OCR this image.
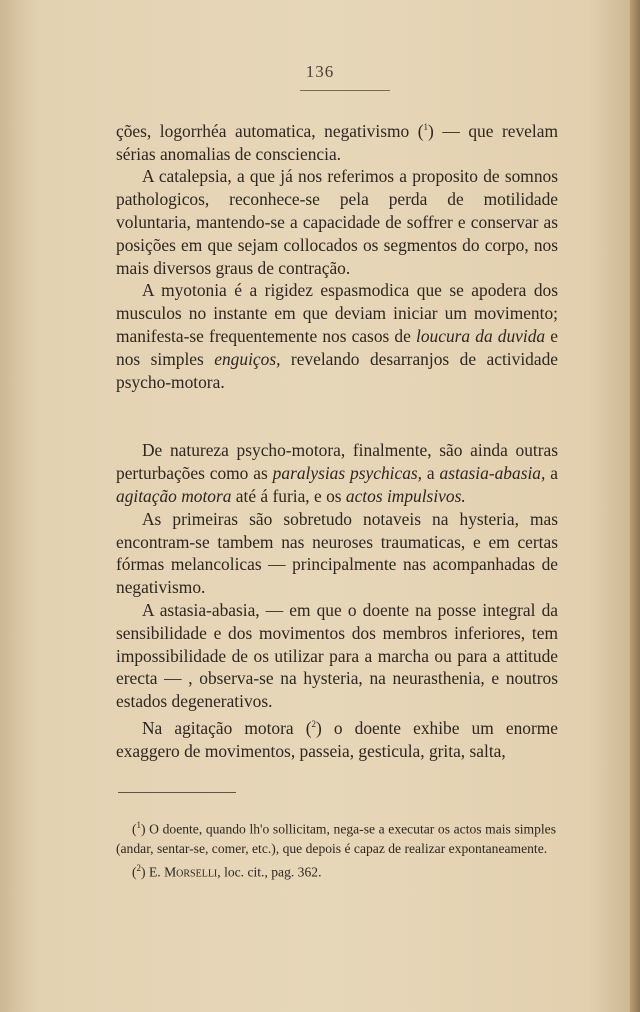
136

ções, logorrhéa automatica, negativismo ($^1$) — que revelam sérias anomalias de consciencia.

A catalepsia, a que já nos referimos a proposito de somnos pathologicos, reconhece-se pela perda de motilidade voluntaria, mantendo-se a capacidade de soffrer e conservar as posições em que sejam collocados os segmentos do corpo, nos mais diversos graus de contração.

A myotonia é a rigidez espasmodica que se apodera dos musculos no instante em que deviam iniciar um movimento; manifesta-se frequentemente nos casos de loucura da duvida e nos simples enguiços, revelando desarranjos de actividade psycho-motora.

De natureza psycho-motora, finalmente, são ainda outras perturbações como as paralysias psychicas, a astasia-abasia, a agitação motora até á furia, e os actos impulsivos.

As primeiras são sobretudo notaveis na hysteria, mas encontram-se tambem nas neuroses traumaticas, e em certas fórmas melancolicas — principalmente nas acompanhadas de negativismo.

A astasia-abasia, — em que o doente na posse integral da sensibilidade e dos movimentos dos membros inferiores, tem impossibilidade de os utilizar para a marcha ou para a attitude erecta — , observa-se na hysteria, na neurasthenia, e noutros estados degenerativos.

Na agitação motora ($^2$) o doente exhibe um enorme exaggero de movimentos, passeia, gesticula, grita, salta,

($^1$) O doente, quando lh'o sollicitam, nega-se a executar os actos mais simples (andar, sentar-se, comer, etc.), que depois é capaz de realizar expontaneamente.

($^2$) E. Morselli, loc. cit., pag. 362.
